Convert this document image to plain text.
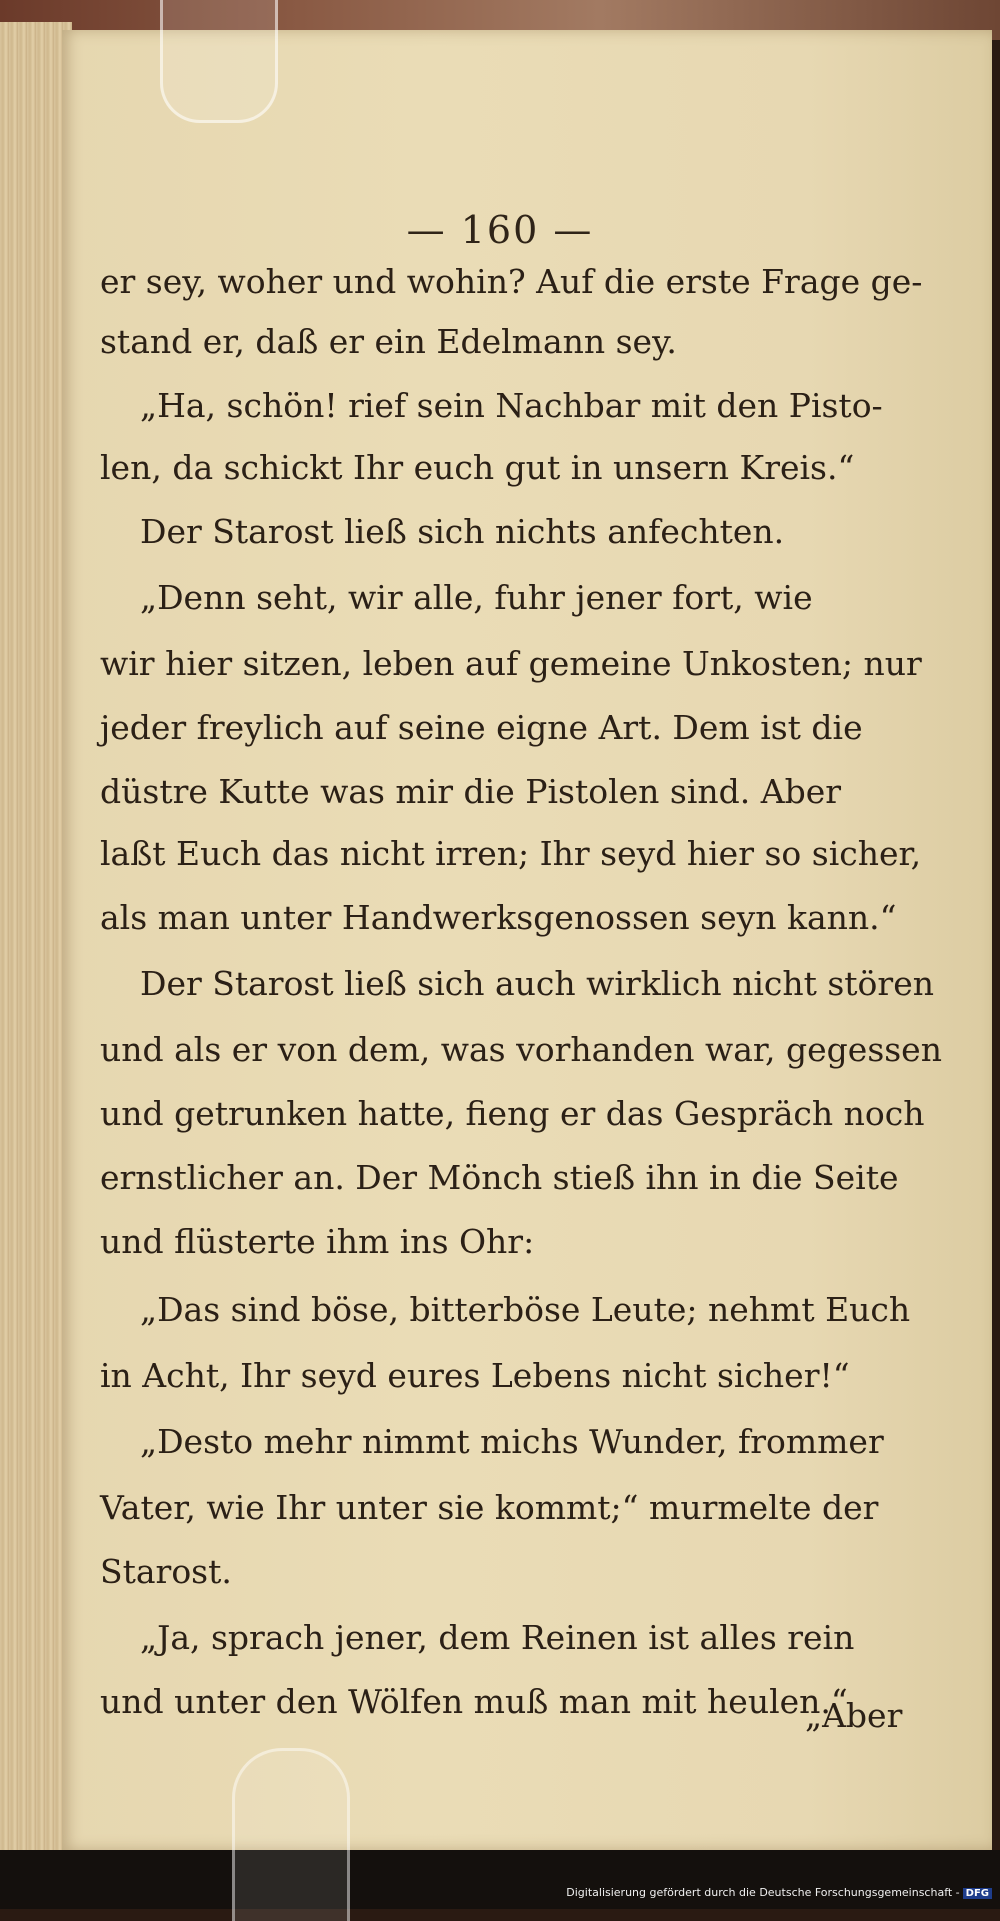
— 160 —
er sey, woher und wohin? Auf die erste Frage ge-
stand er, daß er ein Edelmann sey.
„Ha, schön! rief sein Nachbar mit den Pisto-
len, da schickt Ihr euch gut in unsern Kreis.“
Der Starost ließ sich nichts anfechten.
„Denn seht, wir alle, fuhr jener fort, wie
wir hier sitzen, leben auf gemeine Unkosten; nur
jeder freylich auf seine eigne Art. Dem ist die
düstre Kutte was mir die Pistolen sind. Aber
laßt Euch das nicht irren; Ihr seyd hier so sicher,
als man unter Handwerksgenossen seyn kann.“
Der Starost ließ sich auch wirklich nicht stören
und als er von dem, was vorhanden war, gegessen
und getrunken hatte, fieng er das Gespräch noch
ernstlicher an. Der Mönch stieß ihn in die Seite
und flüsterte ihm ins Ohr:
„Das sind böse, bitterböse Leute; nehmt Euch
in Acht, Ihr seyd eures Lebens nicht sicher!“
„Desto mehr nimmt michs Wunder, frommer
Vater, wie Ihr unter sie kommt;“ murmelte der
Starost.
„Ja, sprach jener, dem Reinen ist alles rein
und unter den Wölfen muß man mit heulen.“
„Aber
Digitalisierung gefördert durch die Deutsche Forschungsgemeinschaft - DFG
